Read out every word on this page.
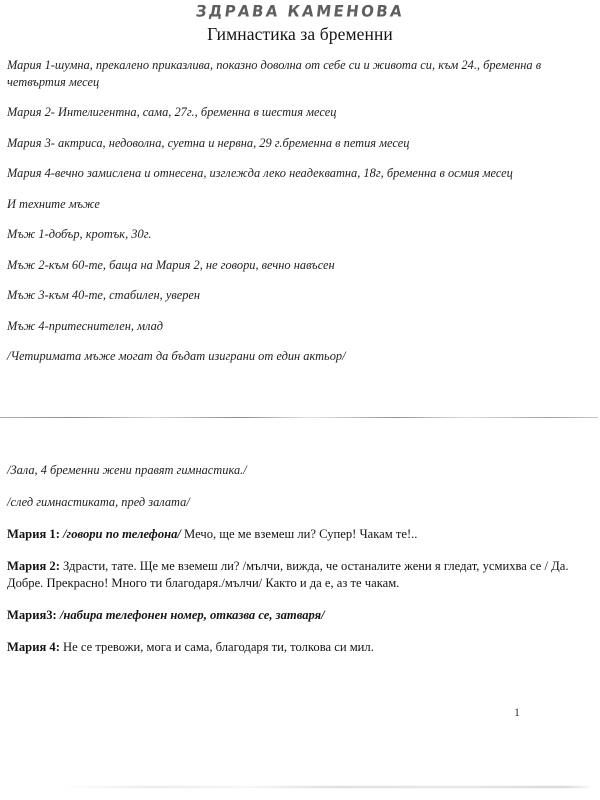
ЗДРАВА КАМЕНОВА
Гимнастика за бременни

Мария 1-шумна, прекалено приказлива, показно доволна от себе си и живота си, към 24., бременна в четвъртия месец

Мария 2- Интелигентна, сама, 27г., бременна в шестия месец

Мария 3- актриса, недоволна, суетна и нервна, 29 г.бременна в петия месец

Мария 4-вечно замислена и отнесена, изглежда леко неадекватна, 18г, бременна в осмия месец

И техните мъже

Мъж 1-добър, кротък, 30г.

Мъж 2-към 60-те, баща на Мария 2, не говори, вечно навъсен

Мъж 3-към 40-те, стабилен, уверен

Мъж 4-притеснителен, млад

/Четиримата мъже могат да бъдат изиграни от един актьор/

/Зала, 4 бременни жени правят гимнастика./

/след гимнастиката, пред залата/

Мария 1: /говори по телефона/ Мечо, ще ме вземеш ли? Супер! Чакам те!..

Мария 2: Здрасти, тате. Ще ме вземеш ли? /мълчи, вижда, че останалите жени я гледат, усмихва се / Да. Добре. Прекрасно! Много ти благодаря./мълчи/ Както и да е, аз те чакам.

Мария3: /набира телефонен номер, отказва се, затваря/

Мария 4: Не се тревожи, мога и сама, благодаря ти, толкова си мил.

1
